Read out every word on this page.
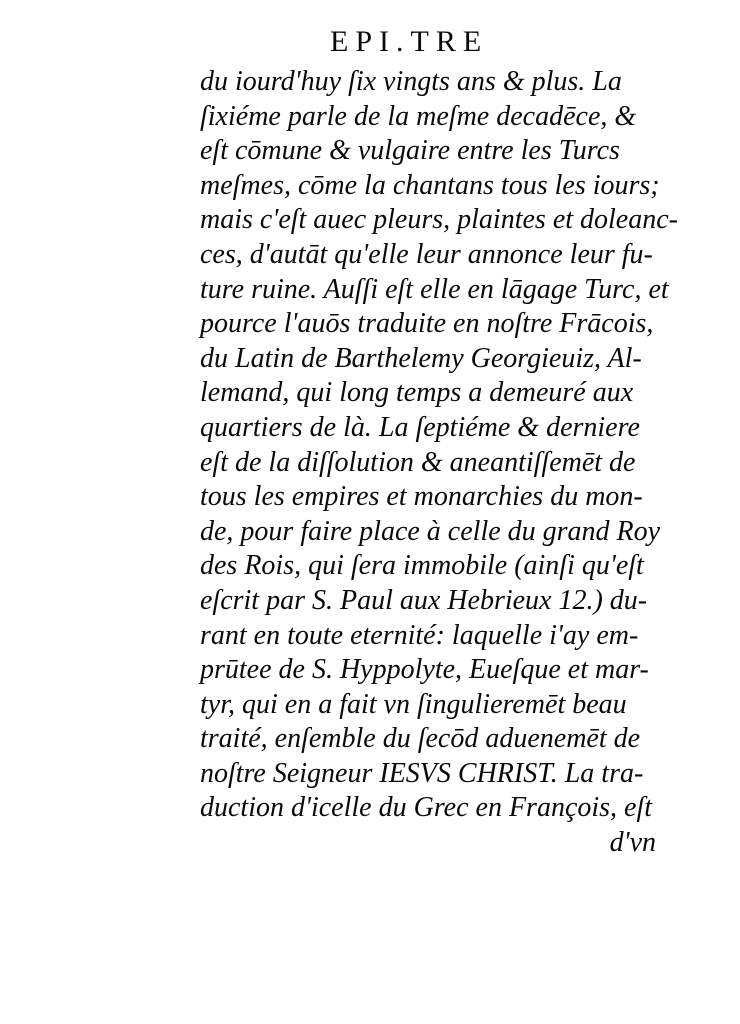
EPI.TRE
du iourd'huy ſix vingts ans & plus. La
ſixiéme parle de la meſme decadēce, &
eſt cōmune & vulgaire entre les Turcs
meſmes, cōme la chantans tous les iours;
mais c'eſt auec pleurs, plaintes et doleanc-
ces, d'autāt qu'elle leur annonce leur fu-
ture ruine. Auſſi eſt elle en lāgage Turc, et
pource l'auōs traduite en noſtre Frācois,
du Latin de Barthelemy Georgieuiz, Al-
lemand, qui long temps a demeuré aux
quartiers de là. La ſeptiéme & derniere
eſt de la diſſolution & aneantiſſemēt de
tous les empires et monarchies du mon-
de, pour faire place à celle du grand Roy
des Rois, qui ſera immobile (ainſi qu'eſt
eſcrit par S. Paul aux Hebrieux 12.) du-
rant en toute eternité: laquelle i'ay em-
prūtee de S. Hyppolyte, Eueſque et mar-
tyr, qui en a fait vn ſingulieremēt beau
traité, enſemble du ſecōd aduenemēt de
noſtre Seigneur IESVS CHRIST. La tra-
duction d'icelle du Grec en François, eſt
d'vn
